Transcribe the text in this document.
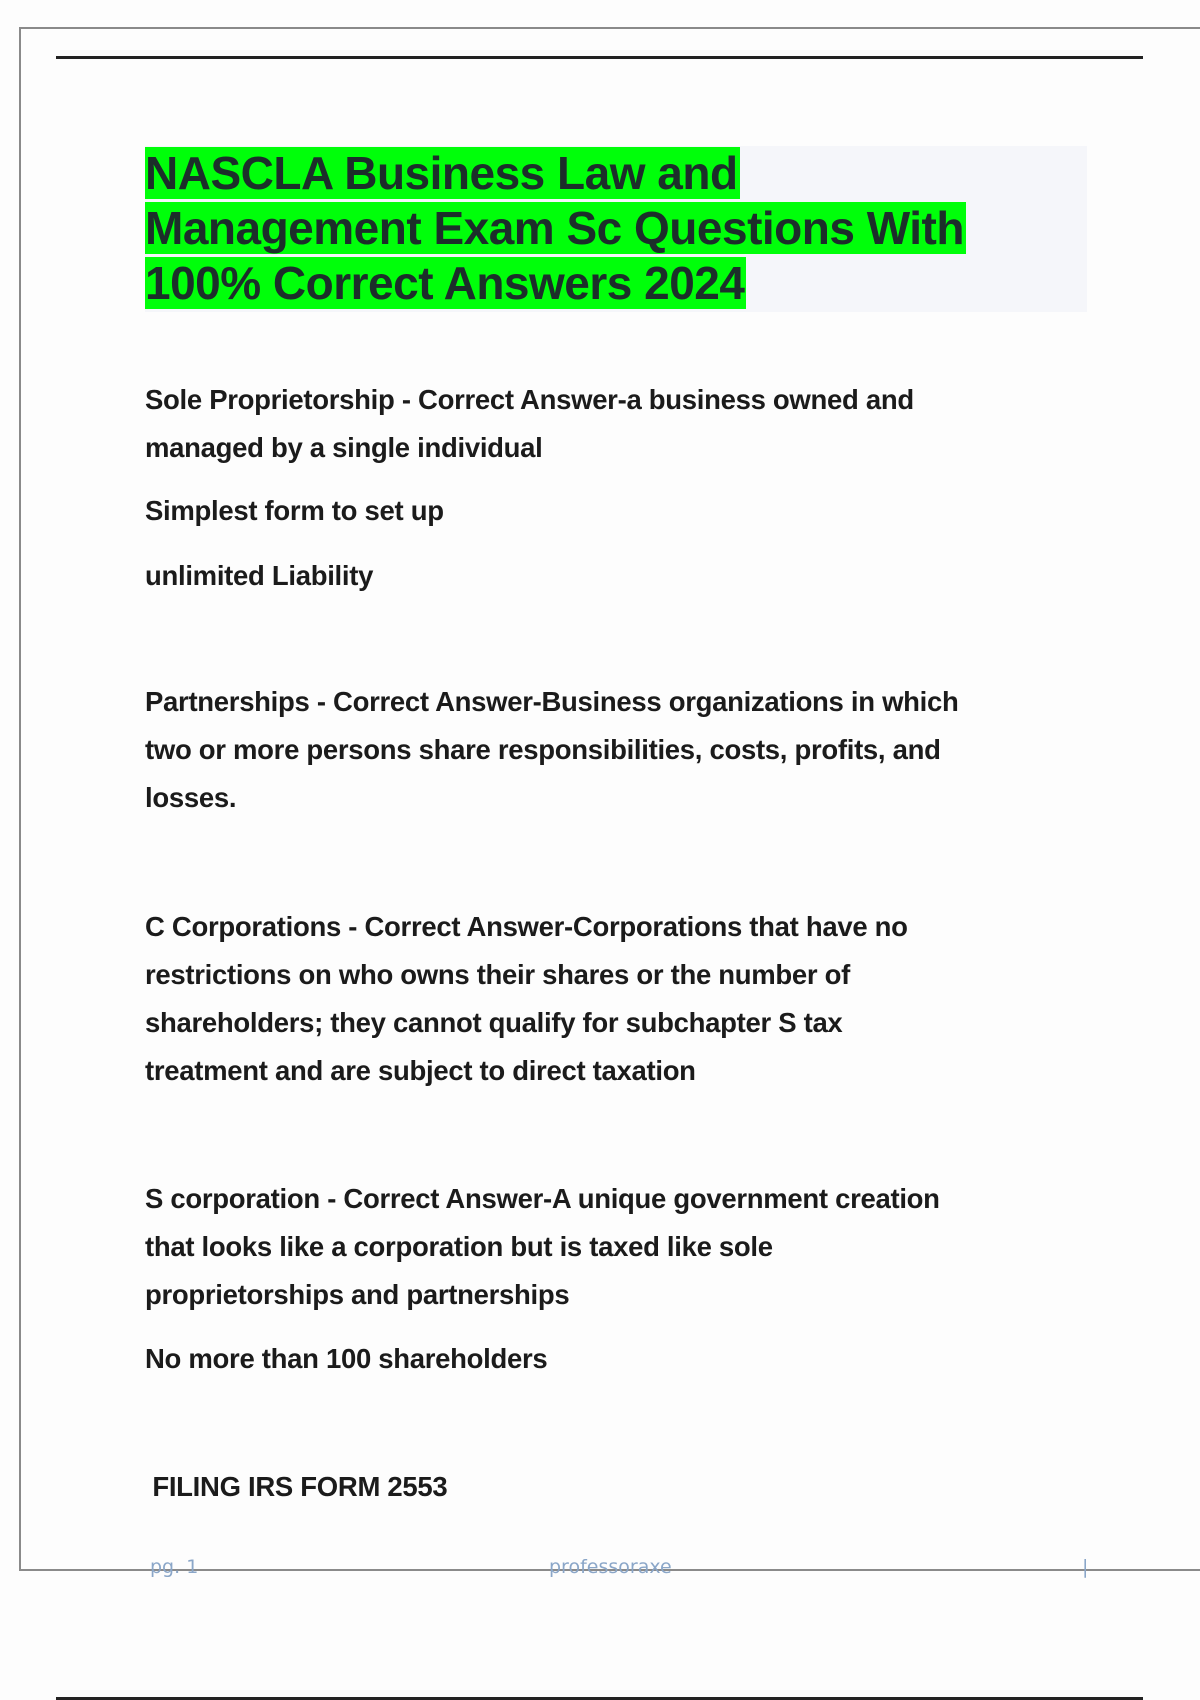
NASCLA Business Law and
Management Exam Sc Questions With
100% Correct Answers 2024
Sole Proprietorship - Correct Answer-a business owned and
managed by a single individual
Simplest form to set up
unlimited Liability
Partnerships - Correct Answer-Business organizations in which
two or more persons share responsibilities, costs, profits, and
losses.
C Corporations - Correct Answer-Corporations that have no
restrictions on who owns their shares or the number of
shareholders; they cannot qualify for subchapter S tax
treatment and are subject to direct taxation
S corporation - Correct Answer-A unique government creation
that looks like a corporation but is taxed like sole
proprietorships and partnerships
No more than 100 shareholders

FILING IRS FORM 2553

pg. 1	professoraxe	|
